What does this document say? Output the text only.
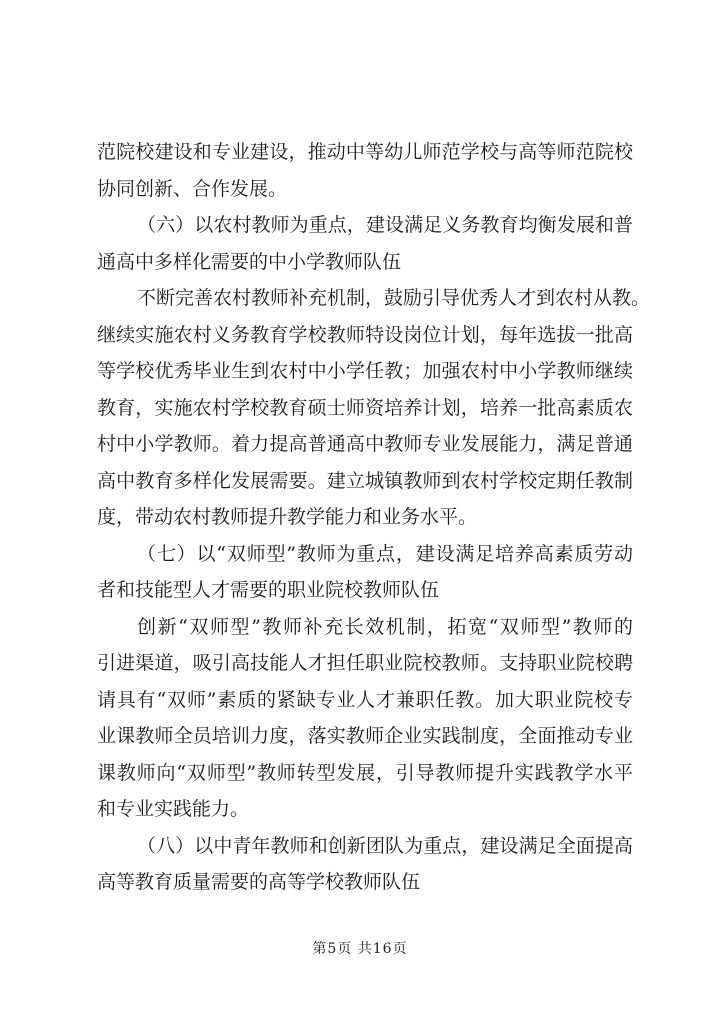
范院校建设和专业建设，推动中等幼儿师范学校与高等师范院校
协同创新、合作发展。
（六）以农村教师为重点，建设满足义务教育均衡发展和普
通高中多样化需要的中小学教师队伍
不断完善农村教师补充机制，鼓励引导优秀人才到农村从教。
继续实施农村义务教育学校教师特设岗位计划，每年选拔一批高
等学校优秀毕业生到农村中小学任教；加强农村中小学教师继续
教育，实施农村学校教育硕士师资培养计划，培养一批高素质农
村中小学教师。着力提高普通高中教师专业发展能力，满足普通
高中教育多样化发展需要。建立城镇教师到农村学校定期任教制
度，带动农村教师提升教学能力和业务水平。
（七）以“双师型”教师为重点，建设满足培养高素质劳动
者和技能型人才需要的职业院校教师队伍
创新“双师型”教师补充长效机制，拓宽“双师型”教师的
引进渠道，吸引高技能人才担任职业院校教师。支持职业院校聘
请具有“双师”素质的紧缺专业人才兼职任教。加大职业院校专
业课教师全员培训力度，落实教师企业实践制度，全面推动专业
课教师向“双师型”教师转型发展，引导教师提升实践教学水平
和专业实践能力。
（八）以中青年教师和创新团队为重点，建设满足全面提高
高等教育质量需要的高等学校教师队伍
第5页 共16页
